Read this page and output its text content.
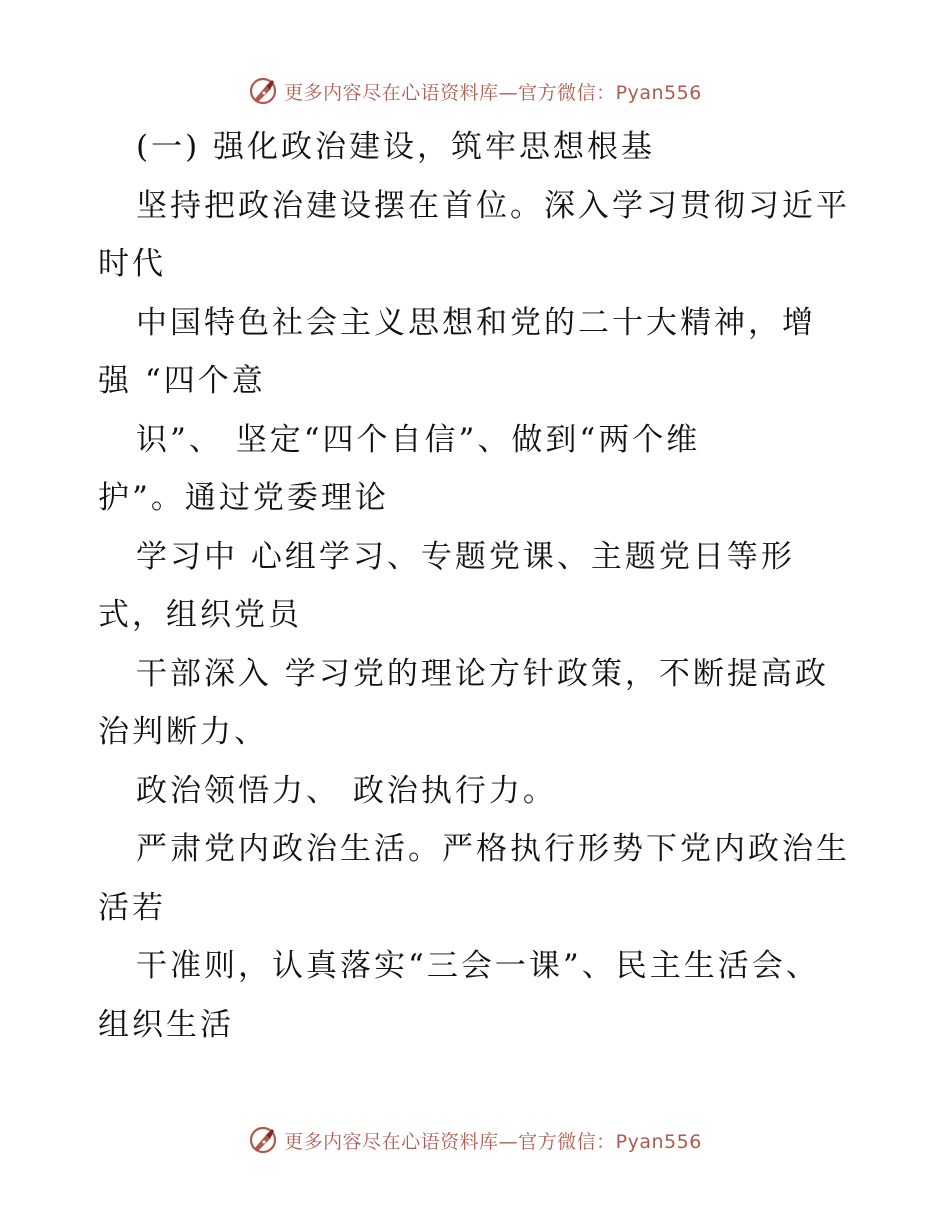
更多内容尽在心语资料库—官方微信：Pyan556
(一) 强化政治建设，筑牢思想根基
坚持把政治建设摆在首位。深入学习贯彻习近平
时代
中国特色社会主义思想和党的二十大精神，增
强 “四个意
识”、 坚定“四个自信”、做到“两个维
护”。通过党委理论
学习中 心组学习、专题党课、主题党日等形
式，组织党员
干部深入 学习党的理论方针政策，不断提高政
治判断力、
政治领悟力、 政治执行力。
严肃党内政治生活。严格执行形势下党内政治生
活若
干准则，认真落实“三会一课”、民主生活会、
组织生活
更多内容尽在心语资料库—官方微信：Pyan556
